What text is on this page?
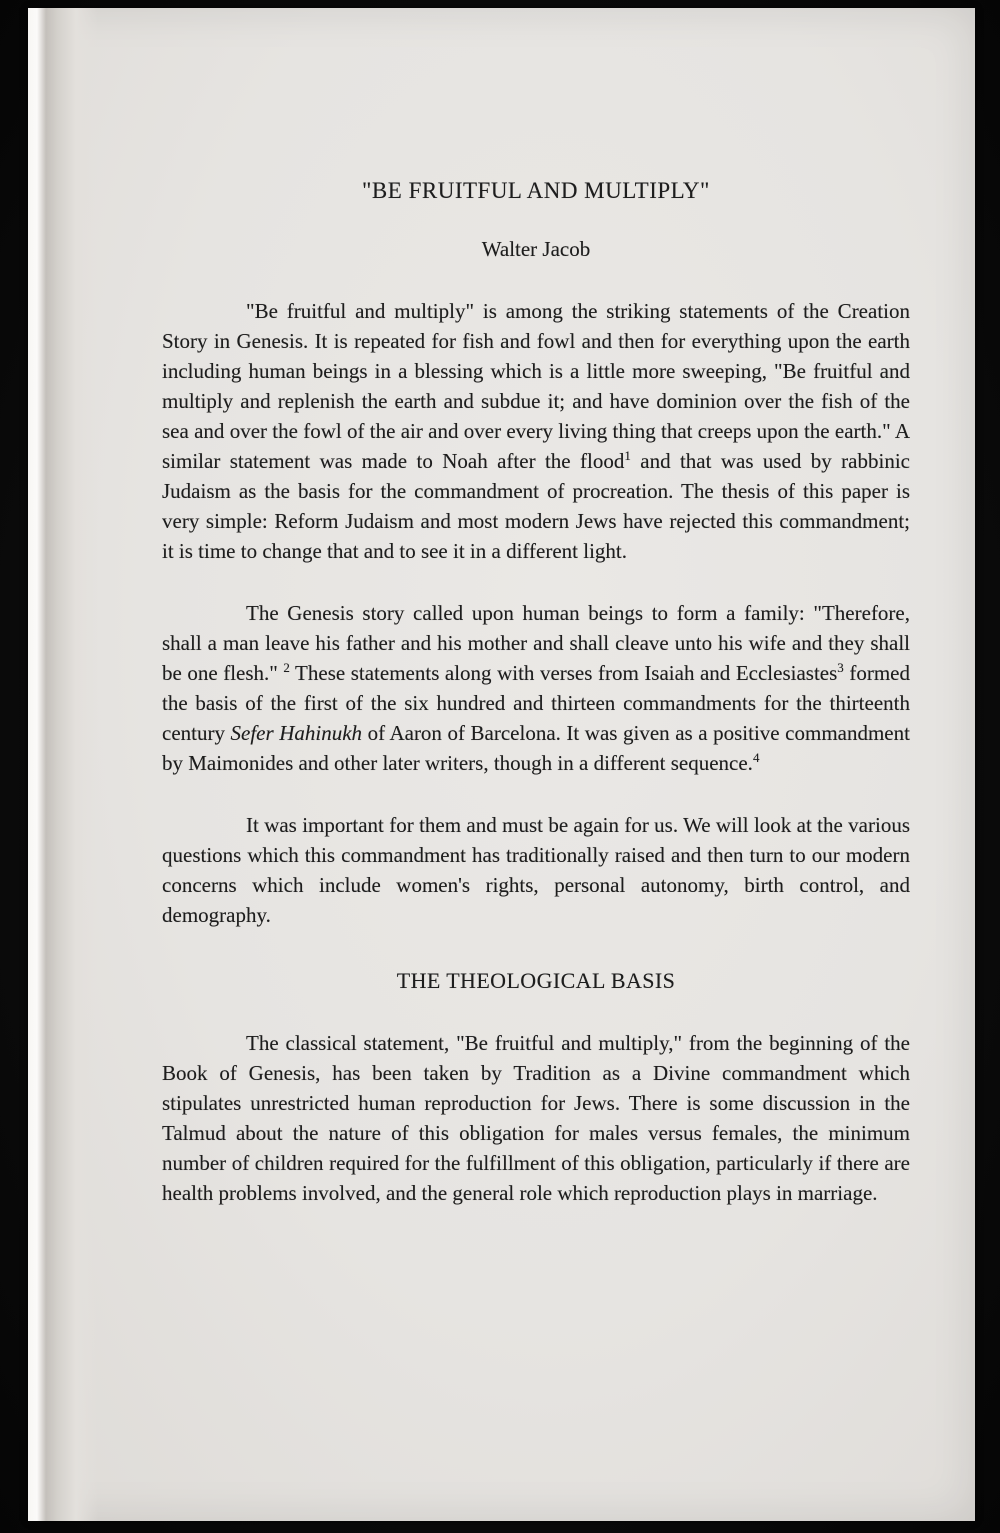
"BE FRUITFUL AND MULTIPLY"
Walter Jacob

"Be fruitful and multiply" is among the striking statements of the Creation Story in Genesis. It is repeated for fish and fowl and then for everything upon the earth including human beings in a blessing which is a little more sweeping, "Be fruitful and multiply and replenish the earth and subdue it; and have dominion over the fish of the sea and over the fowl of the air and over every living thing that creeps upon the earth." A similar statement was made to Noah after the flood$^1$ and that was used by rabbinic Judaism as the basis for the commandment of procreation. The thesis of this paper is very simple: Reform Judaism and most modern Jews have rejected this commandment; it is time to change that and to see it in a different light.

The Genesis story called upon human beings to form a family: "Therefore, shall a man leave his father and his mother and shall cleave unto his wife and they shall be one flesh." $^2$ These statements along with verses from Isaiah and Ecclesiastes$^3$ formed the basis of the first of the six hundred and thirteen commandments for the thirteenth century Sefer Hahinukh of Aaron of Barcelona. It was given as a positive commandment by Maimonides and other later writers, though in a different sequence.$^4$

It was important for them and must be again for us. We will look at the various questions which this commandment has traditionally raised and then turn to our modern concerns which include women's rights, personal autonomy, birth control, and demography.

THE THEOLOGICAL BASIS

The classical statement, "Be fruitful and multiply," from the beginning of the Book of Genesis, has been taken by Tradition as a Divine commandment which stipulates unrestricted human reproduction for Jews. There is some discussion in the Talmud about the nature of this obligation for males versus females, the minimum number of children required for the fulfillment of this obligation, particularly if there are health problems involved, and the general role which reproduction plays in marriage.
